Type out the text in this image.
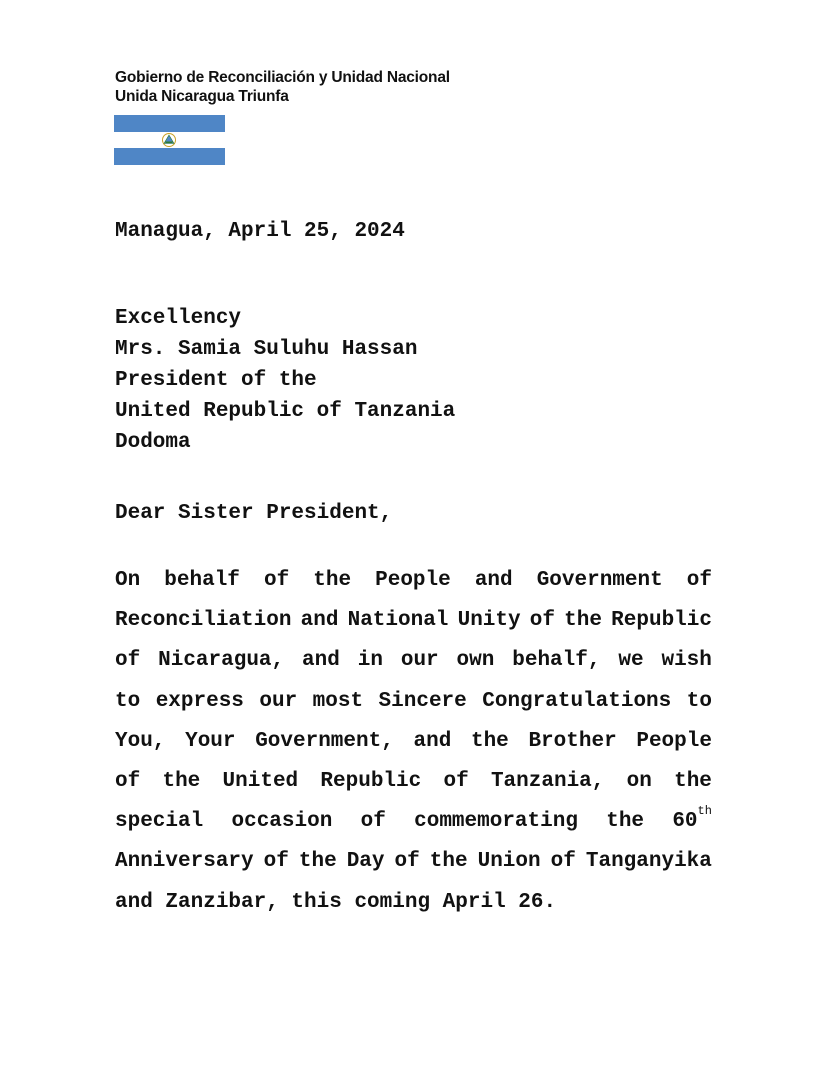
Gobierno de Reconciliación y Unidad Nacional
Unida Nicaragua Triunfa
Managua, April 25, 2024
Excellency
Mrs. Samia Suluhu Hassan
President of the
United Republic of Tanzania
Dodoma
Dear Sister President,
On behalf of the People and Government of
Reconciliation and National Unity of the Republic
of Nicaragua, and in our own behalf, we wish
to express our most Sincere Congratulations to
You, Your Government, and the Brother People
of the United Republic of Tanzania, on the
special occasion of commemorating the 60th
Anniversary of the Day of the Union of Tanganyika
and Zanzibar, this coming April 26.
